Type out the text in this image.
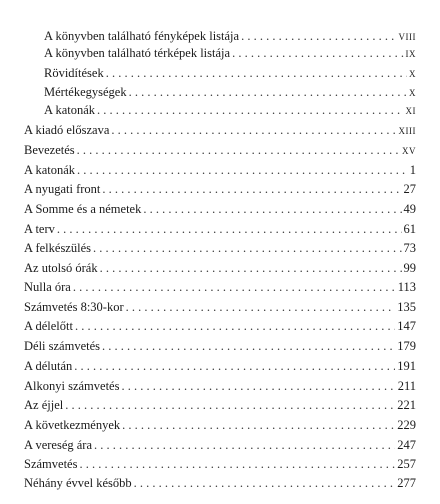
A könyvben található fényképek listája . . .	viii
A könyvben található térképek listája . . .	ix
Rövidítések . . .	x
Mértékegységek . . .	x
A katonák . . .	xi
A kiadó előszava . . .	xiii
Bevezetés . . .	xv
A katonák . . .	1
A nyugati front . . .	27
A Somme és a németek . . .	49
A terv . . .	61
A felkészülés . . .	73
Az utolsó órák . . .	99
Nulla óra . . .	113
Számvetés 8:30-kor . . .	135
A délelőtt . . .	147
Déli számvetés . . .	179
A délután . . .	191
Alkonyi számvetés . . .	211
Az éjjel . . .	221
A következmények . . .	229
A vereség ára . . .	247
Számvetés . . .	257
Néhány évvel később . . .	277
